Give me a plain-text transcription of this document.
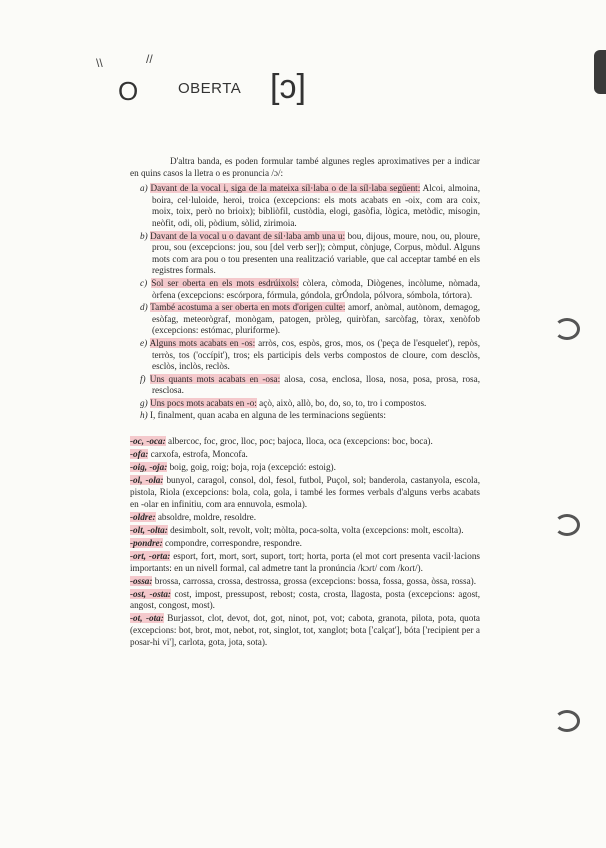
\\	//
O	OBERTA [ɔ]

D'altra banda, es poden formular també algunes regles aproximatives per a indicar en quins casos la lletra o es pronuncia /ɔ/:

a) Davant de la vocal i, siga de la mateixa síl·laba o de la síl·laba següent: Alcoi, almoina, boira, cel·luloide, heroi, troica (excepcions: els mots acabats en -oix, com ara coix, moix, toix, però no brioix); bibliòfil, custòdia, elogi, gasòfia, lògica, metòdic, misogin, neòfit, odi, oli, pòdium, sòlid, zirimoia.

b) Davant de la vocal u o davant de síl·laba amb una u: bou, dijous, moure, nou, ou, ploure, prou, sou (excepcions: jou, sou [del verb ser]); còmput, cònjuge, Corpus, mòdul. Alguns mots com ara pou o tou presenten una realització variable, que cal acceptar també en els registres formals.

c) Sol ser oberta en els mots esdrúixols: còlera, còmoda, Diògenes, incòlume, nòmada, òrfena (excepcions: escórpora, fórmula, góndola, grÓndola, pólvora, sómbola, tórtora).

d) També acostuma a ser oberta en mots d'origen culte: amorf, anòmal, autònom, demagog, esòfag, meteorògraf, monògam, patogen, pròleg, quiròfan, sarcòfag, tòrax, xenòfob (excepcions: estómac, pluriforme).

e) Alguns mots acabats en -os: arròs, cos, espòs, gros, mos, os ('peça de l'esquelet'), repòs, terròs, tos ('occípit'), tros; els participis dels verbs compostos de cloure, com desclòs, esclòs, inclòs, reclòs.

f) Uns quants mots acabats en -osa: alosa, cosa, enclosa, llosa, nosa, posa, prosa, rosa, resclosa.

g) Uns pocs mots acabats en -o: açò, això, allò, bo, do, so, to, tro i compostos.

h) I, finalment, quan acaba en alguna de les terminacions següents:

-oc, -oca: albercoc, foc, groc, lloc, poc; bajoca, lloca, oca (excepcions: boc, boca).

-ofa: carxofa, estrofa, Moncofa.

-oig, -oja: boig, goig, roig; boja, roja (excepció: estoig).

-ol, -ola: bunyol, caragol, consol, dol, fesol, futbol, Puçol, sol; banderola, castanyola, escola, pistola, Riola (excepcions: bola, cola, gola, i també les formes verbals d'alguns verbs acabats en -olar en infinitiu, com ara ennuvola, esmola).

-oldre: absoldre, moldre, resoldre.

-olt, -olta: desimbolt, solt, revolt, volt; mòlta, poca-solta, volta (excepcions: molt, escolta).

-pondre: compondre, correspondre, respondre.

-ort, -orta: esport, fort, mort, sort, suport, tort; horta, porta (el mot cort presenta vacil·lacions importants: en un nivell formal, cal admetre tant la pronúncia /kɔɾt/ com /koɾt/).

-ossa: brossa, carrossa, crossa, destrossa, grossa (excepcions: bossa, fossa, gossa, òssa, rossa).

-ost, -osta: cost, impost, pressupost, rebost; costa, crosta, llagosta, posta (excepcions: agost, angost, congost, most).

-ot, -ota: Burjassot, clot, devot, dot, got, ninot, pot, vot; cabota, granota, pilota, pota, quota (excepcions: bot, brot, mot, nebot, rot, singlot, tot, xanglot; bota ['calçat'], bóta ['recipient per a posar-hi vi'], carlota, gota, jota, sota).
